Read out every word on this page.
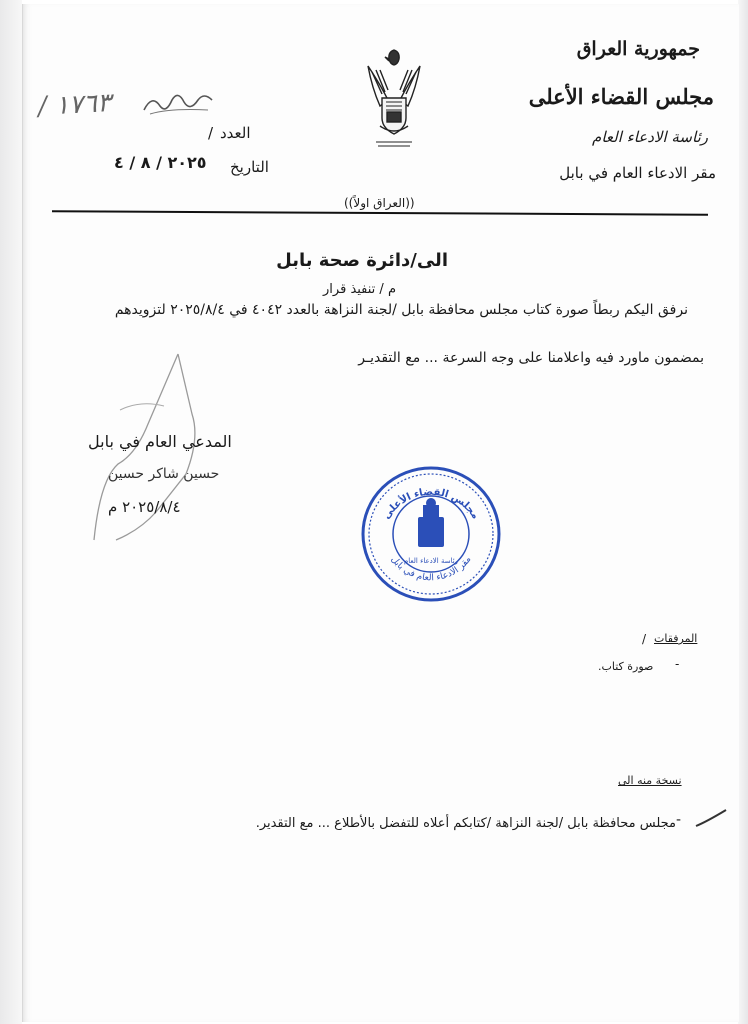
جمهورية العراق
مجلس القضاء الأعلى
رئاسة الادعاء العام
مقر الادعاء العام في بابل
١٧٦٣ /
العدد
/
التاريخ
٢٠٢٥ / ٨ / ٤
((العراق اولاً))
الى/دائرة صحة بابل
م / تنفيذ قرار
نرفق اليكم ربطاً صورة كتاب مجلس محافظة بابل /لجنة النزاهة بالعدد ٤٠٤٢ في ٢٠٢٥/٨/٤ لتزويدهم
بمضمون ماورد فيه واعلامنا على وجه السرعة ... مع التقديـر
المدعي العام في بابل
حسين شاكر حسين
٢٠٢٥/٨/٤ م	مجلس القضاء الأعلى
مقر الادعاء العام في بابل
رئاسة الادعاء العام
المرفقات
/
-
صورة كتاب.
نسخة منه الى
مجلس محافظة بابل /لجنة النزاهة /كتابكم أعلاه للتفضل بالأطلاع ... مع التقدير. -
